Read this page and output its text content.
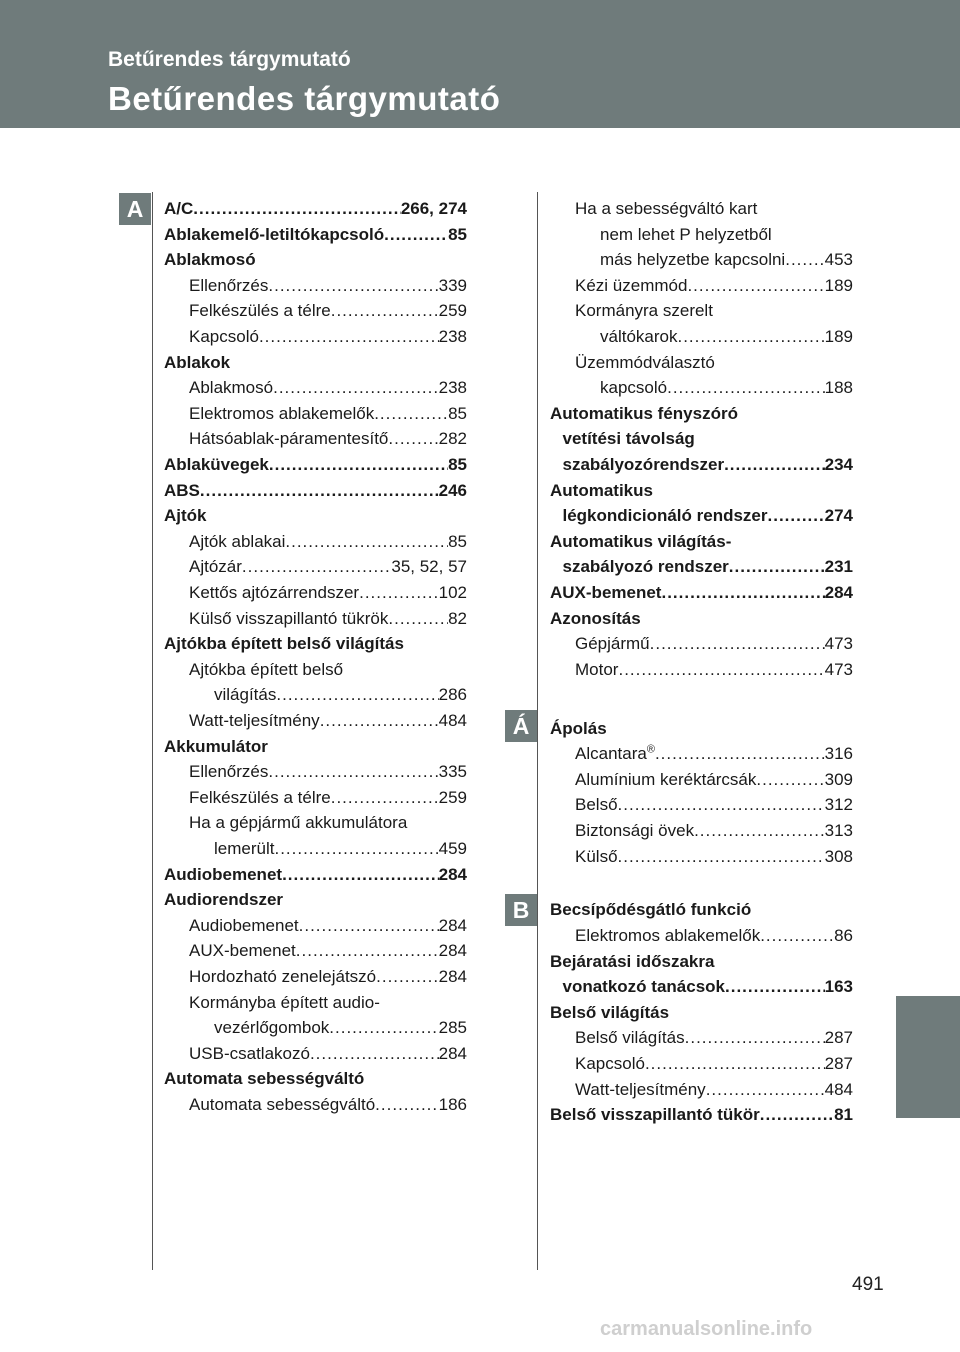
Betűrendes tárgymutató
Betűrendes tárgymutató
A
Á
B
A/C .....	266, 274
Ablakemelő-letiltókapcsoló .....	85
Ablakmosó
Ellenőrzés .....	339
Felkészülés a télre .....	259
Kapcsoló .....	238
Ablakok
Ablakmosó .....	238
Elektromos ablakemelők .....	85
Hátsóablak-páramentesítő .....	282
Ablaküvegek .....	85
ABS .....	246
Ajtók
Ajtók ablakai .....	85
Ajtózár .....	35, 52, 57
Kettős ajtózárrendszer .....	102
Külső visszapillantó tükrök .....	82
Ajtókba épített belső világítás
Ajtókba épített belső
világítás .....	286
Watt-teljesítmény .....	484
Akkumulátor
Ellenőrzés .....	335
Felkészülés a télre .....	259
Ha a gépjármű akkumulátora
lemerült .....	459
Audiobemenet .....	284
Audiorendszer
Audiobemenet .....	284
AUX-bemenet .....	284
Hordozható zenelejátszó .....	284
Kormányba épített audio-
vezérlőgombok .....	285
USB-csatlakozó .....	284
Automata sebességváltó
Automata sebességváltó .....	186
Ha a sebességváltó kart
nem lehet P helyzetből
más helyzetbe kapcsolni ..... 453
Kézi üzemmód .....	189
Kormányra szerelt
váltókarok .....	189
Üzemmódválasztó
kapcsoló .....	188
Automatikus fényszóró
vetítési távolság
szabályozórendszer .....	234
Automatikus
légkondicionáló rendszer .....	274
Automatikus világítás-
szabályozó rendszer .....	231
AUX-bemenet .....	284
Azonosítás
Gépjármű .....	473
Motor .....	473
Ápolás
Alcantara® .....	316
Alumínium keréktárcsák .....	309
Belső .....	312
Biztonsági övek .....	313
Külső .....	308
Becsípődésgátló funkció
Elektromos ablakemelők .....	86
Bejáratási időszakra
vonatkozó tanácsok .....	163
Belső világítás
Belső világítás .....	287
Kapcsoló .....	287
Watt-teljesítmény .....	484
Belső visszapillantó tükör .....	81
491
carmanualsonline.info
